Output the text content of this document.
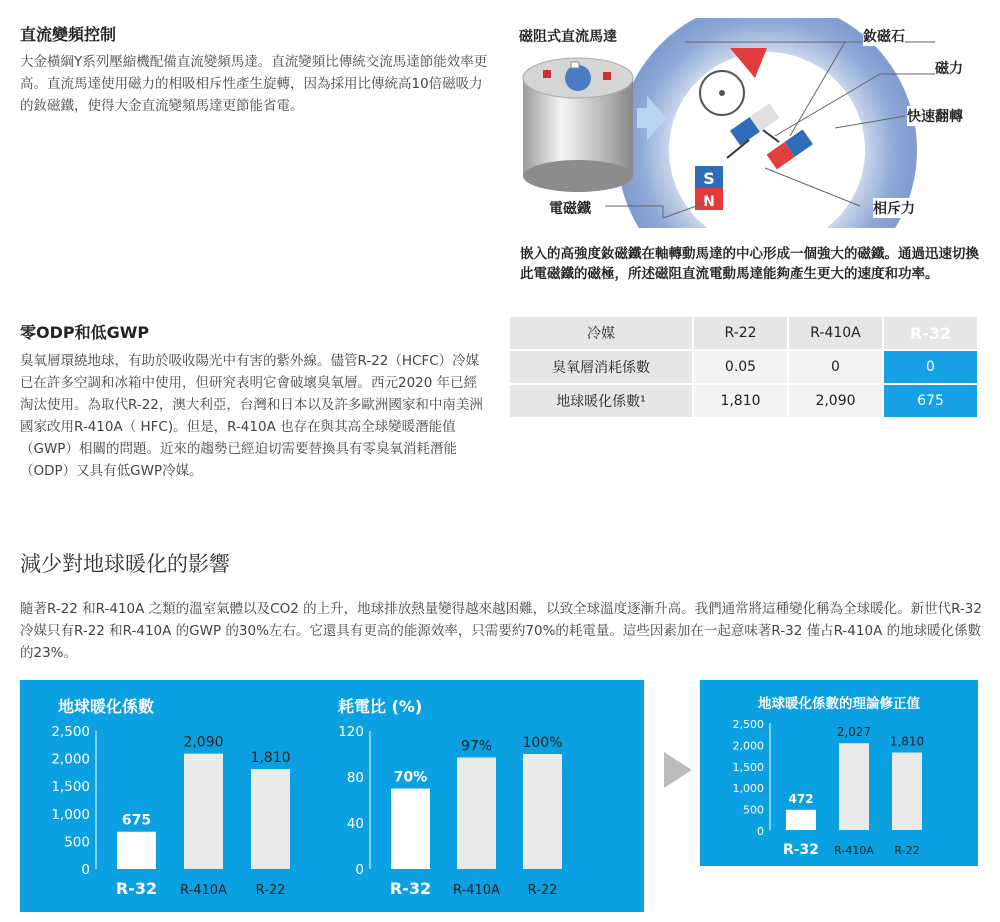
直流變頻控制

大金橫綱Y系列壓縮機配備直流變頻馬達。直流變頻比傳統交流馬達節能效率更高。直流馬達使用磁力的相吸相斥性產生旋轉，因為採用比傳統高10倍磁吸力的釹磁鐵，使得大金直流變頻馬達更節能省電。

S
N
磁阻式直流馬達	釹磁石
磁力
快速翻轉
電磁鐵	相斥力

嵌入的高強度釹磁鐵在軸轉動馬達的中心形成一個強大的磁鐵。通過迅速切換此電磁鐵的磁極，所述磁阻直流電動馬達能夠產生更大的速度和功率。

零ODP和低GWP

臭氧層環繞地球，有助於吸收陽光中有害的紫外線。儘管R-22（HCFC）冷媒已在許多空調和冰箱中使用，但研究表明它會破壞臭氧層。西元2020 年已經淘汰使用。為取代R-22，澳大利亞，台灣和日本以及許多歐洲國家和中南美洲國家改用R-410A（ HFC)。但是，R-410A 也存在與其高全球變暖潛能值（GWP）相關的問題。近來的趨勢已經迫切需要替換具有零臭氧消耗潛能（ODP）又具有低GWP冷媒。

冷媒	R-22	R-410A	R-32
臭氧層消耗係數	0.05	0	0
地球暖化係數¹	1,810	2,090	675
減少對地球暖化的影響

隨著R-22 和R-410A 之類的溫室氣體以及CO2 的上升，地球排放熱量變得越來越困難，以致全球溫度逐漸升高。我們通常將這種變化稱為全球暖化。新世代R-32 冷媒只有R-22 和R-410A 的GWP 的30%左右。它還具有更高的能源效率，只需要約70%的耗電量。這些因素加在一起意味著R-32 僅占R-410A 的地球暖化係數的23%。

地球暖化係數	耗電比 (%)
0
500
1,000
1,500
2,000
2,500
675
R-32
2,090
R-410A
1,810
R-22
0
40
80
120
70%
R-32
97%
R-410A
100%
R-22
地球暖化係數的理論修正值
0
500
1,000
1,500
2,000
2,500
472
R-32
2,027
R-410A
1,810
R-22
